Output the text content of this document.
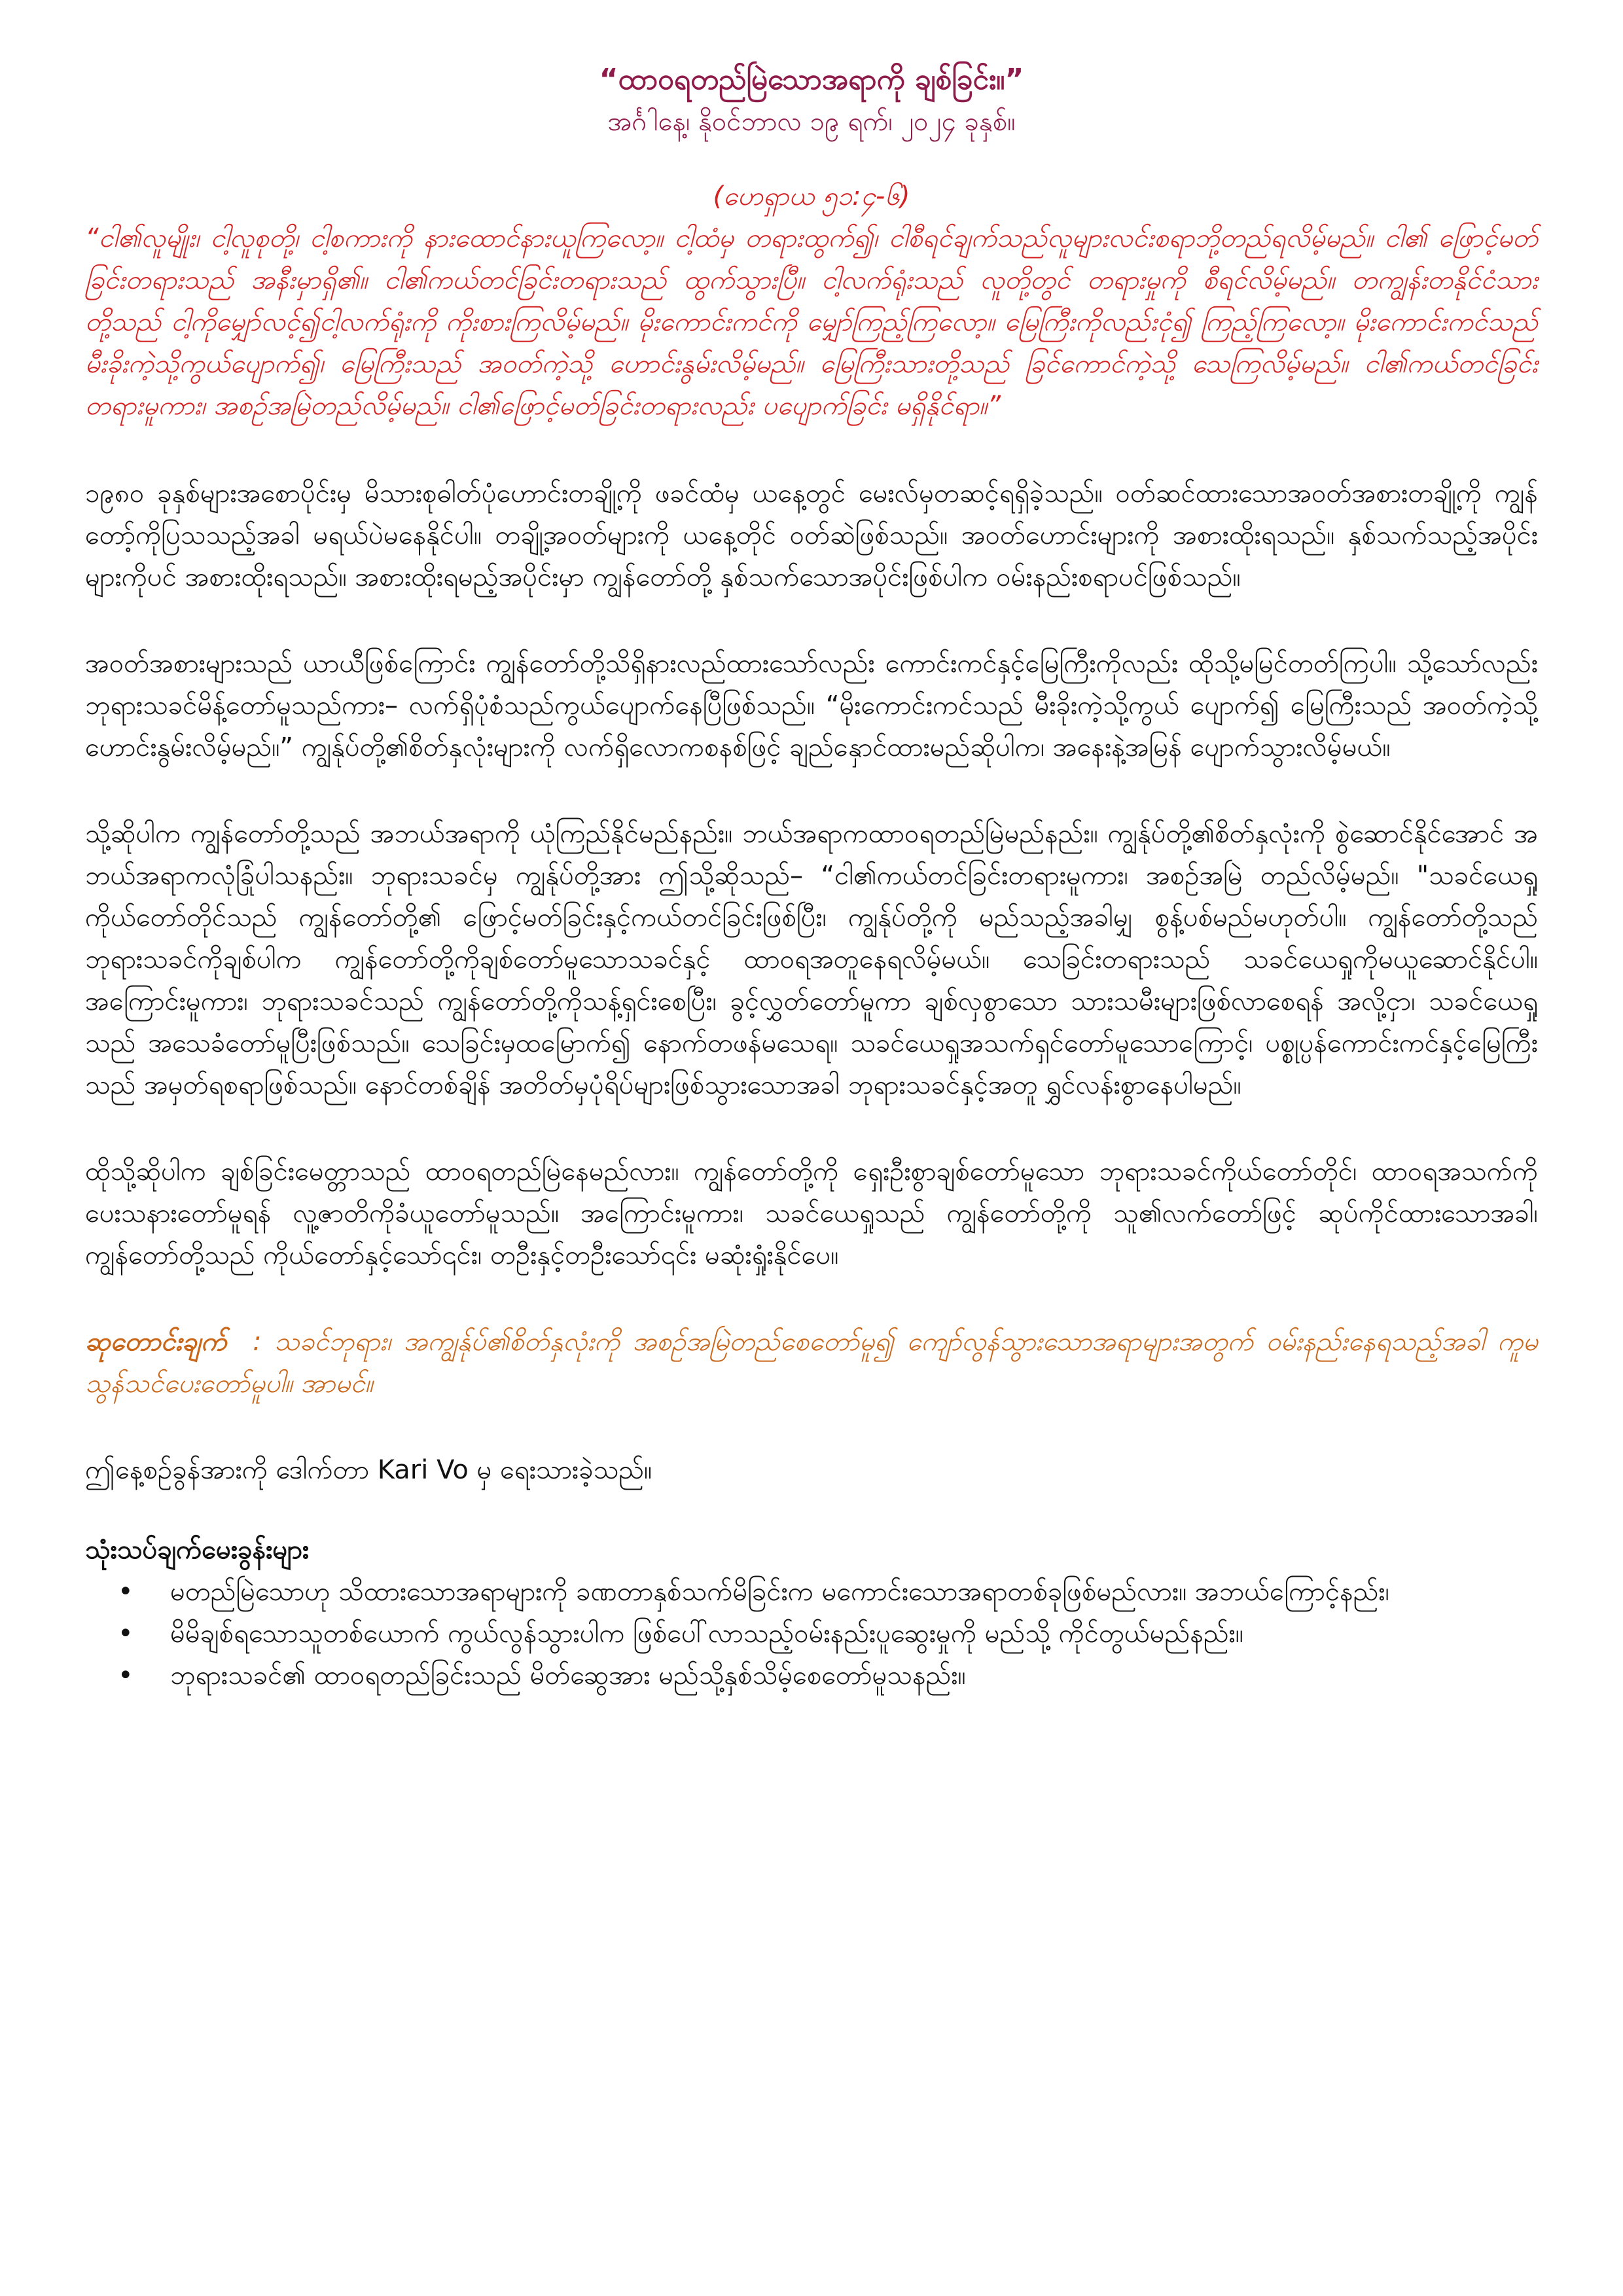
“ထာဝရတည်မြဲသောအရာကို ချစ်ခြင်း။”

အင်္ဂါနေ့၊ နိုဝင်ဘာလ ၁၉ ရက်၊ ၂၀၂၄ ခုနှစ်။

(ဟေရှာယ ၅၁:၄-၆)

“ငါ၏လူမျိုး၊ ငါ့လူစုတို့၊ ငါ့စကားကို နားထောင်နားယူကြလော့။ ငါ့ထံမှ တရားထွက်၍၊ ငါစီရင်ချက်သည်လူများလင်းစရာဘို့တည်ရလိမ့်မည်။ ငါ၏ ဖြောင့်မတ်ခြင်းတရားသည် အနီးမှာရှိ၏။ ငါ၏ကယ်တင်ခြင်းတရားသည် ထွက်သွားပြီ။ ငါ့လက်ရုံးသည် လူတို့တွင် တရားမှုကို စီရင်လိမ့်မည်။ တကျွန်းတနိုင်ငံသားတို့သည် ငါ့ကိုမျှော်လင့်၍ငါ့လက်ရုံးကို ကိုးစားကြလိမ့်မည်။ မိုးကောင်းကင်ကို မျှော်ကြည့်ကြလော့။ မြေကြီးကိုလည်းငုံ၍ ကြည့်ကြလော့။ မိုးကောင်းကင်သည် မီးခိုးကဲ့သို့ကွယ်ပျောက်၍၊ မြေကြီးသည် အဝတ်ကဲ့သို့ ဟောင်းနွမ်းလိမ့်မည်။ မြေကြီးသားတို့သည် ခြင်ကောင်ကဲ့သို့ သေကြလိမ့်မည်။ ငါ၏ကယ်တင်ခြင်းတရားမူကား၊ အစဉ်အမြဲတည်လိမ့်မည်။ ငါ၏ဖြောင့်မတ်ခြင်းတရားလည်း ပပျောက်ခြင်း မရှိနိုင်ရာ။”

၁၉၈၀ ခုနှစ်များအစောပိုင်းမှ မိသားစုဓါတ်ပုံဟောင်းတချို့ကို ဖခင်ထံမှ ယနေ့တွင် မေးလ်မှတဆင့်ရရှိခဲ့သည်။ ဝတ်ဆင်ထားသောအဝတ်အစားတချို့ကို ကျွန်တော့်ကိုပြသသည့်အခါ မရယ်ပဲမနေနိုင်ပါ။ တချို့အဝတ်များကို ယနေ့တိုင် ဝတ်ဆဲဖြစ်သည်။ အဝတ်ဟောင်းများကို အစားထိုးရသည်။ နှစ်သက်သည့်အပိုင်းများကိုပင် အစားထိုးရသည်။ အစားထိုးရမည့်အပိုင်းမှာ ကျွန်တော်တို့ နှစ်သက်သောအပိုင်းဖြစ်ပါက ဝမ်းနည်းစရာပင်ဖြစ်သည်။

အဝတ်အစားများသည် ယာယီဖြစ်ကြောင်း ကျွန်တော်တို့သိရှိနားလည်ထားသော်လည်း ကောင်းကင်နှင့်မြေကြီးကိုလည်း ထိုသို့မမြင်တတ်ကြပါ။ သို့သော်လည်း ဘုရားသခင်မိန့်တော်မူသည်ကား– လက်ရှိပုံစံသည်ကွယ်ပျောက်နေပြီဖြစ်သည်။ “မိုးကောင်းကင်သည် မီးခိုးကဲ့သို့ကွယ် ပျောက်၍ မြေကြီးသည် အဝတ်ကဲ့သို့ဟောင်းနွမ်းလိမ့်မည်။” ကျွန်ုပ်တို့၏စိတ်နှလုံးများကို လက်ရှိလောကစနစ်ဖြင့် ချည်နှောင်ထားမည်ဆိုပါက၊ အနေးနဲ့အမြန် ပျောက်သွားလိမ့်မယ်။

သို့ဆိုပါက ကျွန်တော်တို့သည် အဘယ်အရာကို ယုံကြည်နိုင်မည်နည်း။ ဘယ်အရာကထာဝရတည်မြဲမည်နည်း။ ကျွန်ုပ်တို့၏စိတ်နှလုံးကို စွဲဆောင်နိုင်အောင် အဘယ်အရာကလုံခြုံပါသနည်း။ ဘုရားသခင်မှ ကျွန်ုပ်တို့အား ဤသို့ဆိုသည်– “ငါ၏ကယ်တင်ခြင်းတရားမူကား၊ အစဉ်အမြဲ တည်လိမ့်မည်။ "သခင်ယေရှုကိုယ်တော်တိုင်သည် ကျွန်တော်တို့၏ ဖြောင့်မတ်ခြင်းနှင့်ကယ်တင်ခြင်းဖြစ်ပြီး၊ ကျွန်ုပ်တို့ကို မည်သည့်အခါမျှ စွန့်ပစ်မည်မဟုတ်ပါ။ ကျွန်တော်တို့သည် ဘုရားသခင်ကိုချစ်ပါက ကျွန်တော်တို့ကိုချစ်တော်မူသောသခင်နှင့် ထာဝရအတူနေရလိမ့်မယ်။ သေခြင်းတရားသည် သခင်ယေရှုကိုမယူဆောင်နိုင်ပါ။ အကြောင်းမူကား၊ ဘုရားသခင်သည် ကျွန်တော်တို့ကိုသန့်ရှင်းစေပြီး၊ ခွင့်လွှတ်တော်မူကာ ချစ်လှစွာသော သားသမီးများဖြစ်လာစေရန် အလို့ငှာ၊ သခင်ယေရှုသည် အသေခံတော်မူပြီးဖြစ်သည်။ သေခြင်းမှထမြောက်၍ နောက်တဖန်မသေရ။ သခင်ယေရှုအသက်ရှင်တော်မူသောကြောင့်၊ ပစ္စုပ္ပန်ကောင်းကင်နှင့်မြေကြီးသည် အမှတ်ရစရာဖြစ်သည်။ နောင်တစ်ချိန် အတိတ်မှပုံရိပ်များဖြစ်သွားသောအခါ ဘုရားသခင်နှင့်အတူ ရွှင်လန်းစွာနေပါမည်။

ထိုသို့ဆိုပါက ချစ်ခြင်းမေတ္တာသည် ထာဝရတည်မြဲနေမည်လား။ ကျွန်တော်တို့ကို ရှေးဦးစွာချစ်တော်မူသော ဘုရားသခင်ကိုယ်တော်တိုင်၊ ထာဝရအသက်ကို ပေးသနားတော်မူရန် လူ့ဇာတိကိုခံယူတော်မူသည်။ အကြောင်းမူကား၊ သခင်ယေရှုသည် ကျွန်တော်တို့ကို သူ၏လက်တော်ဖြင့် ဆုပ်ကိုင်ထားသောအခါ၊ ကျွန်တော်တို့သည် ကိုယ်တော်နှင့်သော်၎င်း၊ တဦးနှင့်တဦးသော်၎င်း မဆုံးရှုံးနိုင်ပေ။

ဆုတောင်းချက် : သခင်ဘုရား၊ အကျွန်ုပ်၏စိတ်နှလုံးကို အစဉ်အမြဲတည်စေတော်မူ၍ ကျော်လွန်သွားသောအရာများအတွက် ဝမ်းနည်းနေရသည့်အခါ ကူမသွန်သင်ပေးတော်မူပါ။ အာမင်။

ဤနေ့စဉ်ခွန်အားကို ဒေါက်တာ Kari Vo မှ ရေးသားခဲ့သည်။

သုံးသပ်ချက်မေးခွန်းများ

• မတည်မြဲသောဟု သိထားသောအရာများကို ခဏတာနှစ်သက်မိခြင်းက မကောင်းသောအရာတစ်ခုဖြစ်မည်လား။ အဘယ်ကြောင့်နည်း၊
• မိမိချစ်ရသောသူတစ်ယောက် ကွယ်လွန်သွားပါက ဖြစ်ပေါ်လာသည့်ဝမ်းနည်းပူဆွေးမှုကို မည်သို့ ကိုင်တွယ်မည်နည်း။
• ဘုရားသခင်၏ ထာဝရတည်ခြင်းသည် မိတ်ဆွေအား မည်သို့နှစ်သိမ့်စေတော်မူသနည်း။
